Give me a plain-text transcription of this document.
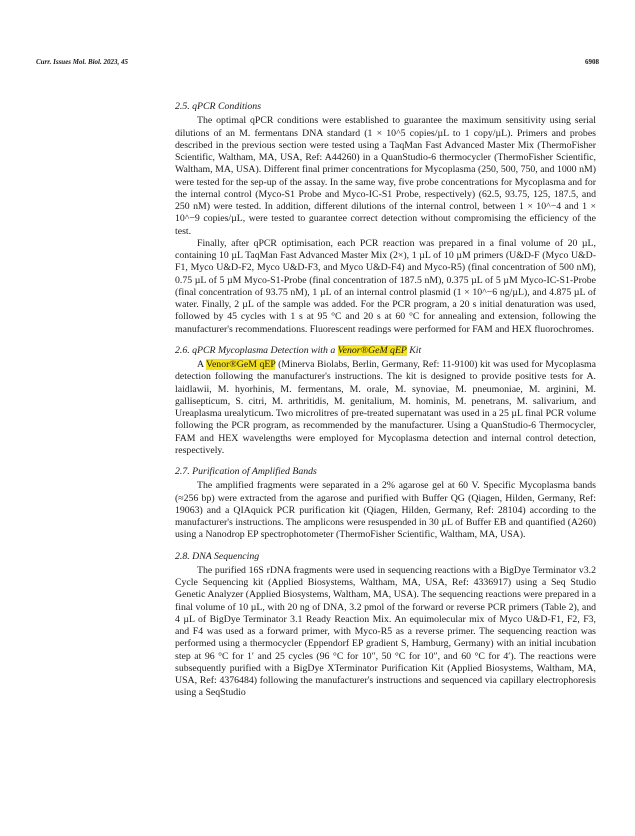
Curr. Issues Mol. Biol. 2023, 45	6908
2.5. qPCR Conditions

The optimal qPCR conditions were established to guarantee the maximum sensitivity using serial dilutions of an M. fermentans DNA standard (1 × 10^5 copies/µL to 1 copy/µL). Primers and probes described in the previous section were tested using a TaqMan Fast Advanced Master Mix (ThermoFisher Scientific, Waltham, MA, USA, Ref: A44260) in a QuanStudio-6 thermocycler (ThermoFisher Scientific, Waltham, MA, USA). Different final primer concentrations for Mycoplasma (250, 500, 750, and 1000 nM) were tested for the sep-up of the assay. In the same way, five probe concentrations for Mycoplasma and for the internal control (Myco-S1 Probe and Myco-IC-S1 Probe, respectively) (62.5, 93.75, 125, 187.5, and 250 nM) were tested. In addition, different dilutions of the internal control, between 1 × 10^−4 and 1 × 10^−9 copies/µL, were tested to guarantee correct detection without compromising the efficiency of the test.

Finally, after qPCR optimisation, each PCR reaction was prepared in a final volume of 20 µL, containing 10 µL TaqMan Fast Advanced Master Mix (2×), 1 µL of 10 µM primers (U&D-F (Myco U&D-F1, Myco U&D-F2, Myco U&D-F3, and Myco U&D-F4) and Myco-R5) (final concentration of 500 nM), 0.75 µL of 5 µM Myco-S1-Probe (final concentration of 187.5 nM), 0.375 µL of 5 µM Myco-IC-S1-Probe (final concentration of 93.75 nM), 1 µL of an internal control plasmid (1 × 10^−6 ng/µL), and 4.875 µL of water. Finally, 2 µL of the sample was added. For the PCR program, a 20 s initial denaturation was used, followed by 45 cycles with 1 s at 95 °C and 20 s at 60 °C for annealing and extension, following the manufacturer's recommendations. Fluorescent readings were performed for FAM and HEX fluorochromes.

2.6. qPCR Mycoplasma Detection with a Venor®GeM qEP Kit

A Venor®GeM qEP (Minerva Biolabs, Berlin, Germany, Ref: 11-9100) kit was used for Mycoplasma detection following the manufacturer's instructions. The kit is designed to provide positive tests for A. laidlawii, M. hyorhinis, M. fermentans, M. orale, M. synoviae, M. pneumoniae, M. arginini, M. gallisepticum, S. citri, M. arthritidis, M. genitalium, M. hominis, M. penetrans, M. salivarium, and Ureaplasma urealyticum. Two microlitres of pre-treated supernatant was used in a 25 µL final PCR volume following the PCR program, as recommended by the manufacturer. Using a QuanStudio-6 Thermocycler, FAM and HEX wavelengths were employed for Mycoplasma detection and internal control detection, respectively.

2.7. Purification of Amplified Bands

The amplified fragments were separated in a 2% agarose gel at 60 V. Specific Mycoplasma bands (≈256 bp) were extracted from the agarose and purified with Buffer QG (Qiagen, Hilden, Germany, Ref: 19063) and a QIAquick PCR purification kit (Qiagen, Hilden, Germany, Ref: 28104) according to the manufacturer's instructions. The amplicons were resuspended in 30 µL of Buffer EB and quantified (A260) using a Nanodrop EP spectrophotometer (ThermoFisher Scientific, Waltham, MA, USA).

2.8. DNA Sequencing

The purified 16S rDNA fragments were used in sequencing reactions with a BigDye Terminator v3.2 Cycle Sequencing kit (Applied Biosystems, Waltham, MA, USA, Ref: 4336917) using a Seq Studio Genetic Analyzer (Applied Biosystems, Waltham, MA, USA). The sequencing reactions were prepared in a final volume of 10 µL, with 20 ng of DNA, 3.2 pmol of the forward or reverse PCR primers (Table 2), and 4 µL of BigDye Terminator 3.1 Ready Reaction Mix. An equimolecular mix of Myco U&D-F1, F2, F3, and F4 was used as a forward primer, with Myco-R5 as a reverse primer. The sequencing reaction was performed using a thermocycler (Eppendorf EP gradient S, Hamburg, Germany) with an initial incubation step at 96 °C for 1′ and 25 cycles (96 °C for 10″, 50 °C for 10″, and 60 °C for 4′). The reactions were subsequently purified with a BigDye XTerminator Purification Kit (Applied Biosystems, Waltham, MA, USA, Ref: 4376484) following the manufacturer's instructions and sequenced via capillary electrophoresis using a SeqStudio
